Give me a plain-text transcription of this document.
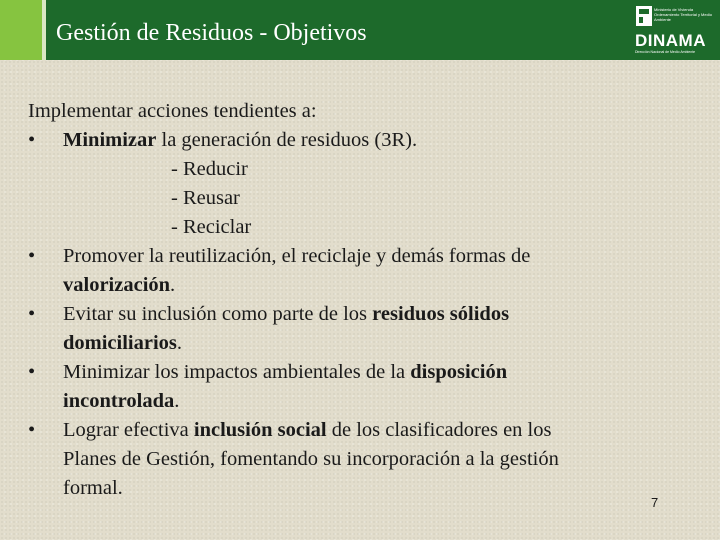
Gestión de Residuos - Objetivos
Ministerio de Vivienda Ordenamiento Territorial y Medio Ambiente
DINAMA
Dirección Nacional de Medio Ambiente
Implementar acciones tendientes a:
• Minimizar la generación de residuos (3R).
- Reducir
- Reusar
- Reciclar
• Promover la reutilización, el reciclaje y demás formas de
valorización.
• Evitar su inclusión como parte de los residuos sólidos
domiciliarios.
• Minimizar los impactos ambientales de la disposición
incontrolada.
• Lograr efectiva inclusión social de los clasificadores en los
Planes de Gestión, fomentando su incorporación a la gestión
formal.
7
